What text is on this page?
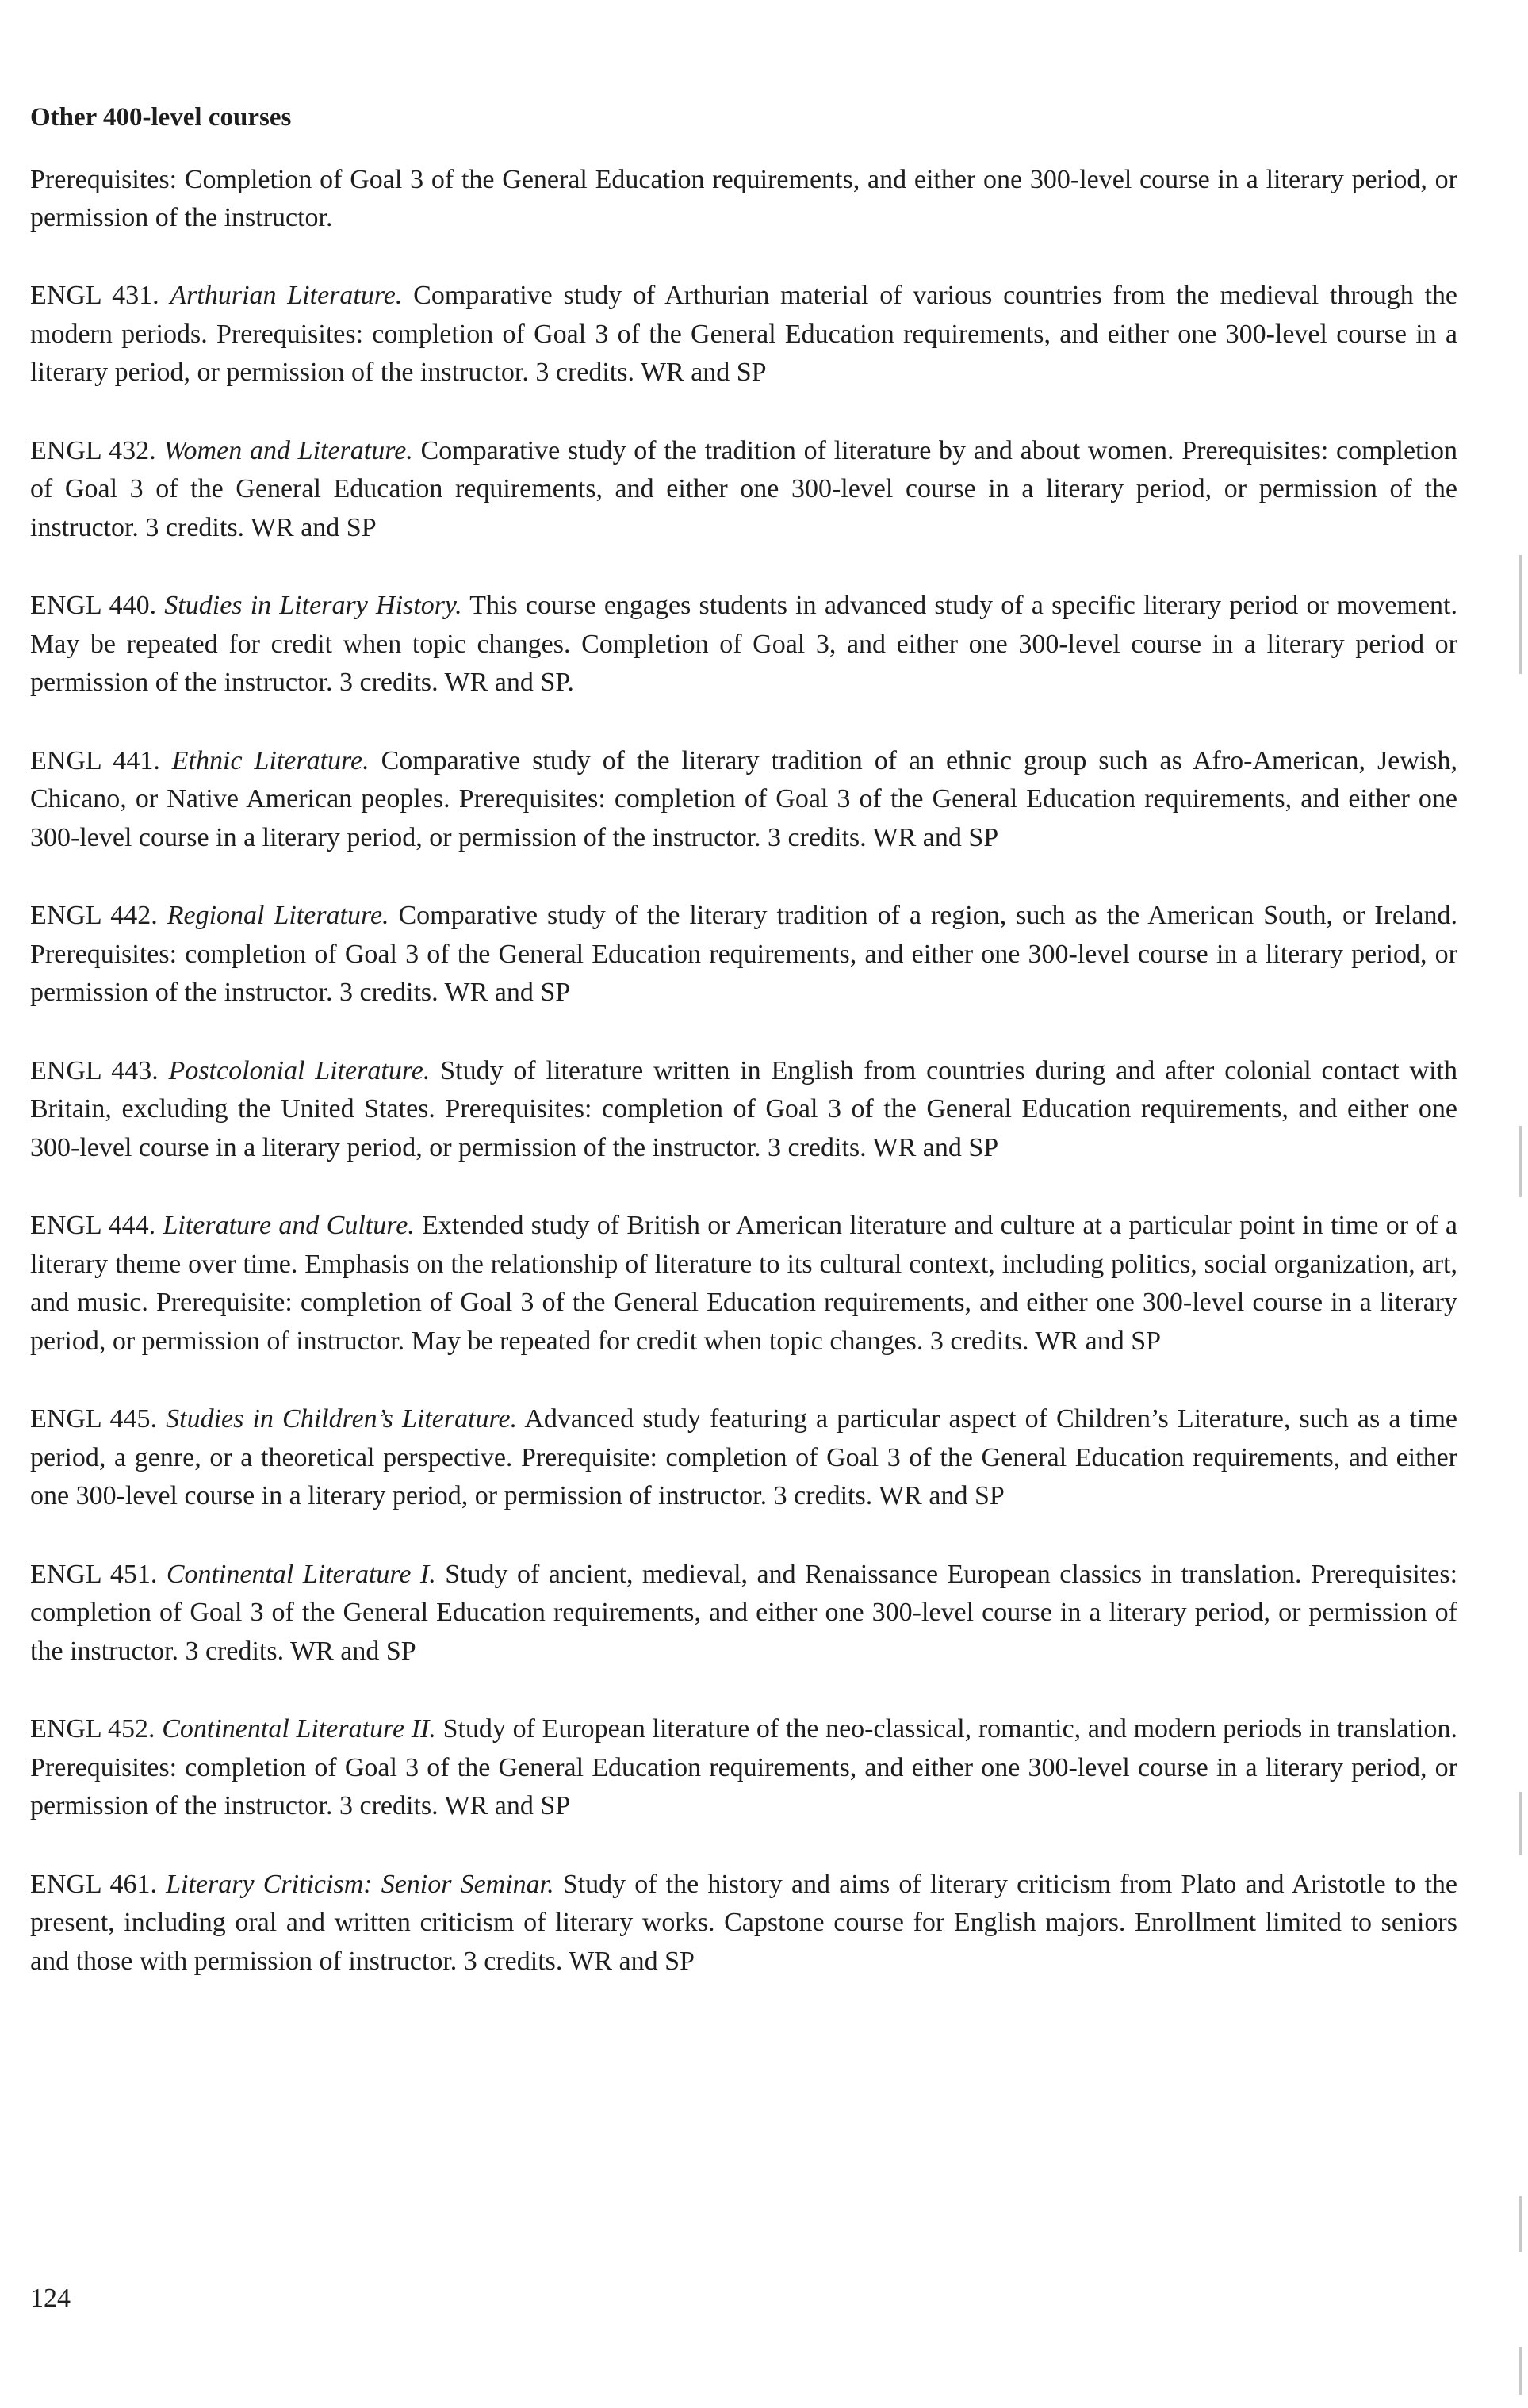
Other 400-level courses
Prerequisites: Completion of Goal 3 of the General Education requirements, and either one 300-level course in a literary period, or permission of the instructor.
ENGL 431. Arthurian Literature. Comparative study of Arthurian material of various countries from the medieval through the modern periods. Prerequisites: completion of Goal 3 of the General Education requirements, and either one 300-level course in a literary period, or permission of the instructor. 3 credits. WR and SP
ENGL 432. Women and Literature. Comparative study of the tradition of literature by and about women. Prerequisites: completion of Goal 3 of the General Education requirements, and either one 300-level course in a literary period, or permission of the instructor. 3 credits. WR and SP
ENGL 440. Studies in Literary History. This course engages students in advanced study of a specific literary period or movement. May be repeated for credit when topic changes. Completion of Goal 3, and either one 300-level course in a literary period or permission of the instructor. 3 credits. WR and SP.
ENGL 441. Ethnic Literature. Comparative study of the literary tradition of an ethnic group such as Afro-American, Jewish, Chicano, or Native American peoples. Prerequisites: completion of Goal 3 of the General Education requirements, and either one 300-level course in a literary period, or permission of the instructor. 3 credits. WR and SP
ENGL 442. Regional Literature. Comparative study of the literary tradition of a region, such as the American South, or Ireland. Prerequisites: completion of Goal 3 of the General Education requirements, and either one 300-level course in a literary period, or permission of the instructor. 3 credits. WR and SP
ENGL 443. Postcolonial Literature. Study of literature written in English from countries during and after colonial contact with Britain, excluding the United States. Prerequisites: completion of Goal 3 of the General Education requirements, and either one 300-level course in a literary period, or permission of the instructor. 3 credits. WR and SP
ENGL 444. Literature and Culture. Extended study of British or American literature and culture at a particular point in time or of a literary theme over time. Emphasis on the relationship of literature to its cultural context, including politics, social organization, art, and music. Prerequisite: completion of Goal 3 of the General Education requirements, and either one 300-level course in a literary period, or permission of instructor. May be repeated for credit when topic changes. 3 credits. WR and SP
ENGL 445. Studies in Children’s Literature. Advanced study featuring a particular aspect of Children’s Literature, such as a time period, a genre, or a theoretical perspective. Prerequisite: completion of Goal 3 of the General Education requirements, and either one 300-level course in a literary period, or permission of instructor. 3 credits. WR and SP
ENGL 451. Continental Literature I. Study of ancient, medieval, and Renaissance European classics in translation. Prerequisites: completion of Goal 3 of the General Education requirements, and either one 300-level course in a literary period, or permission of the instructor. 3 credits. WR and SP
ENGL 452. Continental Literature II. Study of European literature of the neo-classical, romantic, and modern periods in translation. Prerequisites: completion of Goal 3 of the General Education requirements, and either one 300-level course in a literary period, or permission of the instructor. 3 credits. WR and SP
ENGL 461. Literary Criticism: Senior Seminar. Study of the history and aims of literary criticism from Plato and Aristotle to the present, including oral and written criticism of literary works. Capstone course for English majors. Enrollment limited to seniors and those with permission of instructor. 3 credits. WR and SP
124
